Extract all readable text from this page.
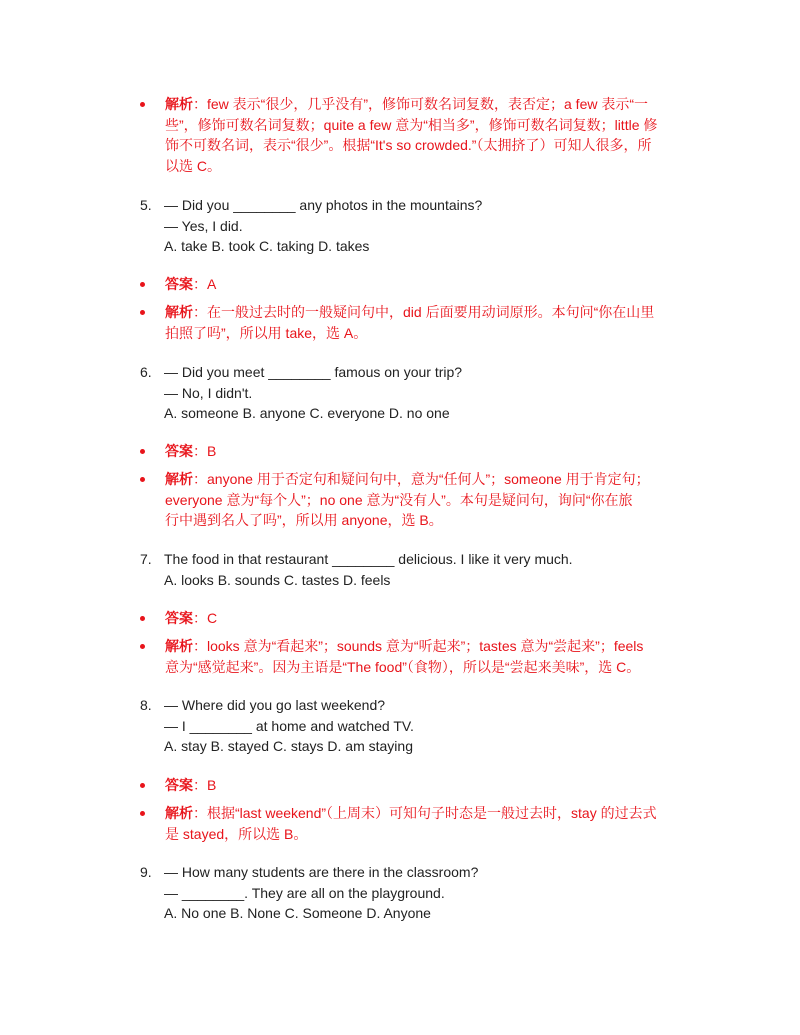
解析：few 表示“很少，几乎没有”，修饰可数名词复数，表否定；a few 表示“一
些”，修饰可数名词复数；quite a few 意为“相当多”，修饰可数名词复数；little 修
饰不可数名词，表示“很少”。根据“It's so crowded.”（太拥挤了）可知人很多，所
以选 C。
5. — Did you ________ any photos in the mountains?
— Yes, I did.
A. take B. took C. taking D. takes
答案：A
解析：在一般过去时的一般疑问句中，did 后面要用动词原形。本句问“你在山里
拍照了吗”，所以用 take，选 A。
6. — Did you meet ________ famous on your trip?
— No, I didn't.
A. someone B. anyone C. everyone D. no one
答案：B
解析：anyone 用于否定句和疑问句中，意为“任何人”；someone 用于肯定句；
everyone 意为“每个人”；no one 意为“没有人”。本句是疑问句，询问“你在旅
行中遇到名人了吗”，所以用 anyone，选 B。
7. The food in that restaurant ________ delicious. I like it very much.
A. looks B. sounds C. tastes D. feels
答案：C
解析：looks 意为“看起来”；sounds 意为“听起来”；tastes 意为“尝起来”；feels
意为“感觉起来”。因为主语是“The food”（食物），所以是“尝起来美味”，选 C。
8. — Where did you go last weekend?
— I ________ at home and watched TV.
A. stay B. stayed C. stays D. am staying
答案：B
解析：根据“last weekend”（上周末）可知句子时态是一般过去时，stay 的过去式
是 stayed，所以选 B。
9. — How many students are there in the classroom?
— ________. They are all on the playground.
A. No one B. None C. Someone D. Anyone
